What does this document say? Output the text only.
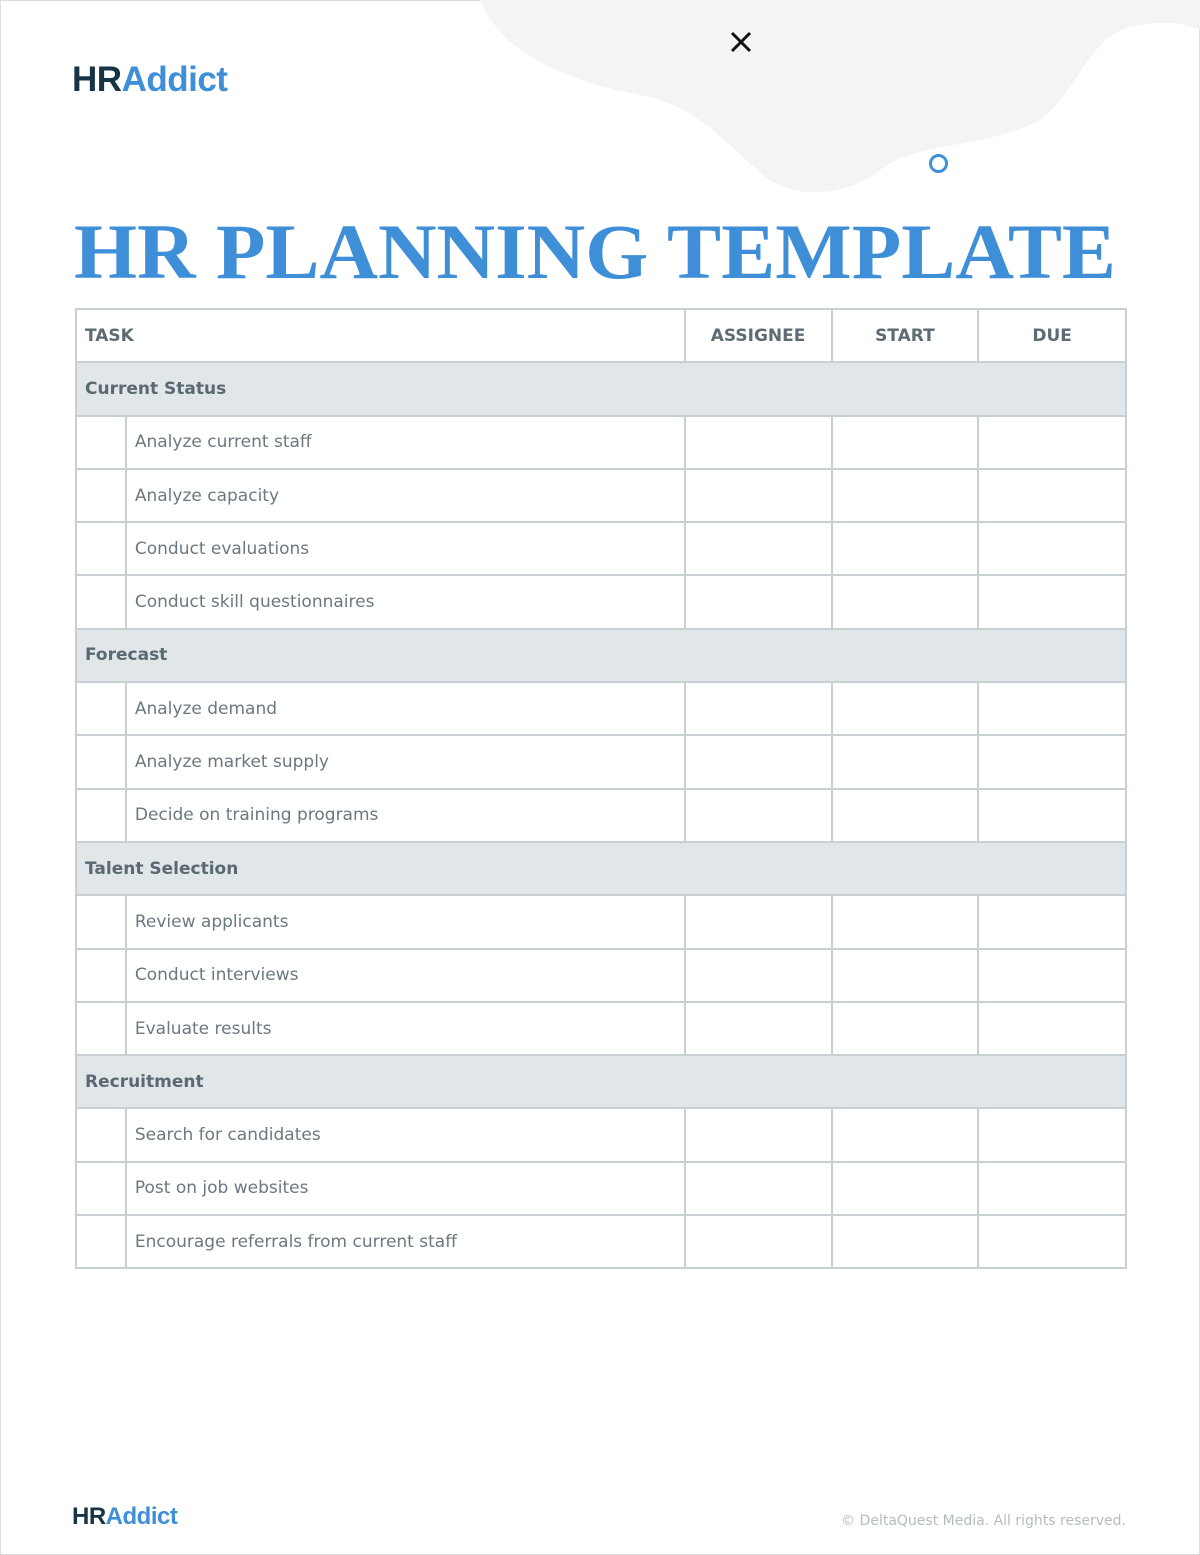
HRAddict
HR PLANNING TEMPLATE
TASK		ASSIGNEE	START	DUE
Current Status				
	Analyze current staff			
	Analyze capacity			
	Conduct evaluations			
	Conduct skill questionnaires			
Forecast				
	Analyze demand			
	Analyze market supply			
	Decide on training programs			
Talent Selection				
	Review applicants			
	Conduct interviews			
	Evaluate results			
Recruitment				
	Search for candidates			
	Post on job websites			
	Encourage referrals from current staff			
HRAddict	© DeltaQuest Media. All rights reserved.
